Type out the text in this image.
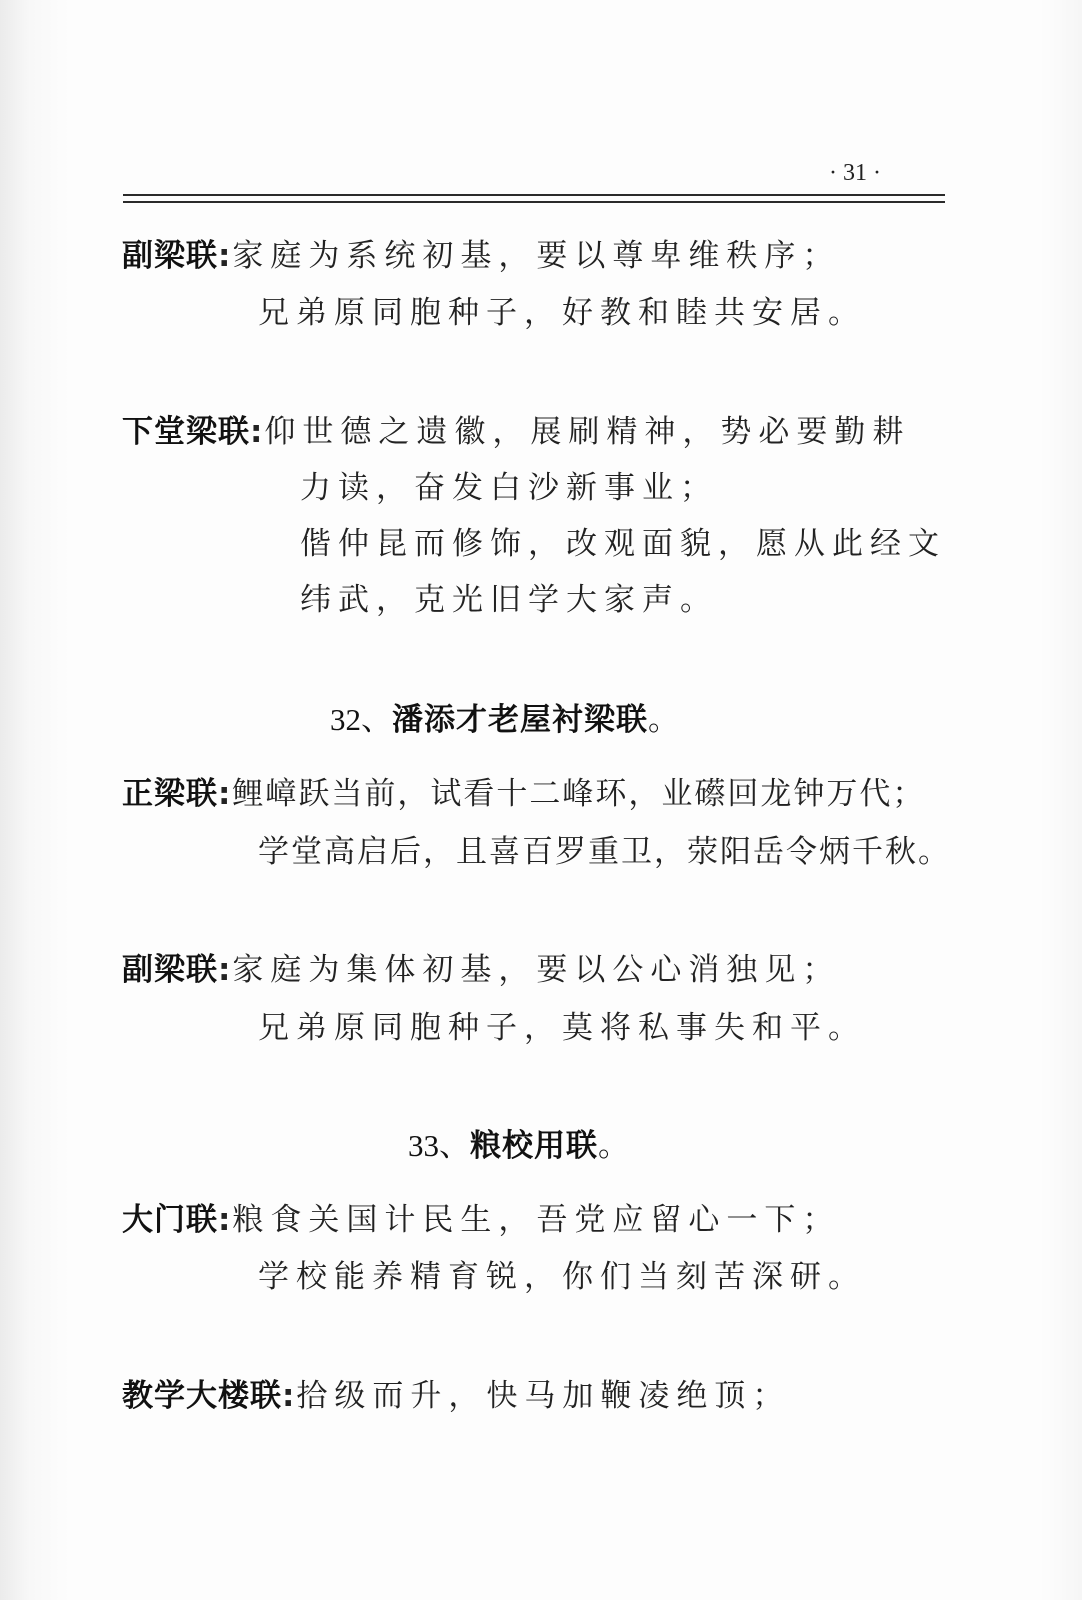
· 31 ·
副梁联:家庭为系统初基，要以尊卑维秩序；
兄弟原同胞种子，好教和睦共安居。
下堂梁联:仰世德之遗徽，展刷精神，势必要勤耕
力读，奋发白沙新事业；
偕仲昆而修饰，改观面貌，愿从此经文
纬武，克光旧学大家声。
32、潘添才老屋衬梁联。
正梁联:鲤嶂跃当前，试看十二峰环，业礤回龙钟万代；
学堂高启后，且喜百罗重卫，荥阳岳令炳千秋。
副梁联:家庭为集体初基，要以公心消独见；
兄弟原同胞种子，莫将私事失和平。
33、粮校用联。
大门联:粮食关国计民生，吾党应留心一下；
学校能养精育锐，你们当刻苦深研。
教学大楼联:拾级而升，快马加鞭凌绝顶；
